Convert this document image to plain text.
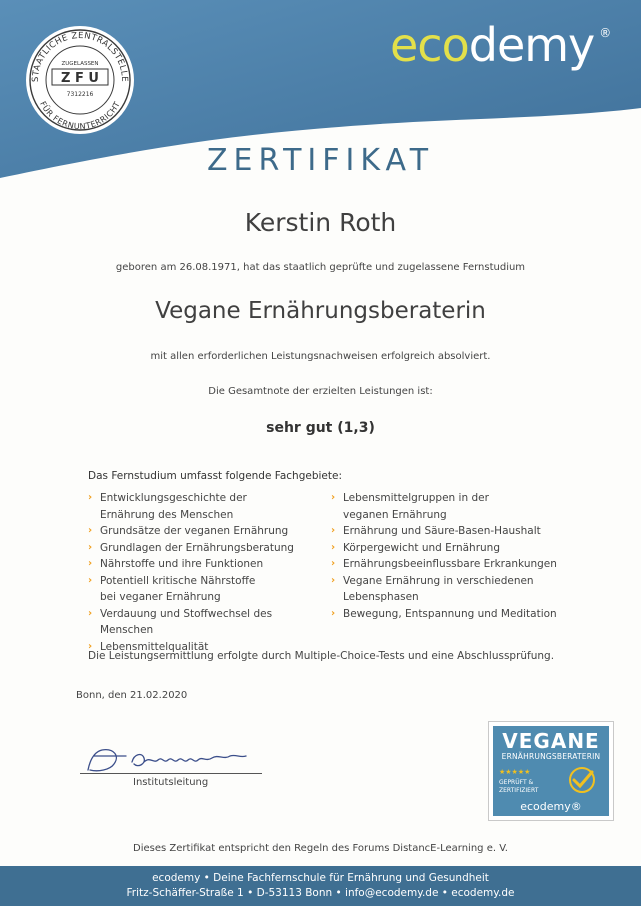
STAATLICHE ZENTRALSTELLE
FÜR FERNUNTERRICHT
ZUGELASSEN
Z F U
7312216
ecodemy ®
ZERTIFIKAT
Kerstin Roth
geboren am 26.08.1971, hat das staatlich geprüfte und zugelassene Fernstudium
Vegane Ernährungsberaterin
mit allen erforderlichen Leistungsnachweisen erfolgreich absolviert.
Die Gesamtnote der erzielten Leistungen ist:
sehr gut (1,3)
Das Fernstudium umfasst folgende Fachgebiete:
› Entwicklungsgeschichte der
Ernährung des Menschen
› Grundsätze der veganen Ernährung
› Grundlagen der Ernährungsberatung
› Nährstoffe und ihre Funktionen
› Potentiell kritische Nährstoffe
bei veganer Ernährung
› Verdauung und Stoffwechsel des Menschen
› Lebensmittelqualität
› Lebensmittelgruppen in der
veganen Ernährung
› Ernährung und Säure-Basen-Haushalt
› Körpergewicht und Ernährung
› Ernährungsbeeinflussbare Erkrankungen
› Vegane Ernährung in verschiedenen
Lebensphasen
› Bewegung, Entspannung und Meditation
Die Leistungsermittlung erfolgte durch Multiple-Choice-Tests und eine Abschlussprüfung.
Bonn, den 21.02.2020
Institutsleitung
VEGANE
ERNÄHRUNGSBERATERIN
★★★★★
GEPRÜFT &
ZERTIFIZIERT
ecodemy®
Dieses Zertifikat entspricht den Regeln des Forums DistancE-Learning e. V.
ecodemy • Deine Fachfernschule für Ernährung und Gesundheit
Fritz-Schäffer-Straße 1 • D-53113 Bonn • info@ecodemy.de • ecodemy.de
